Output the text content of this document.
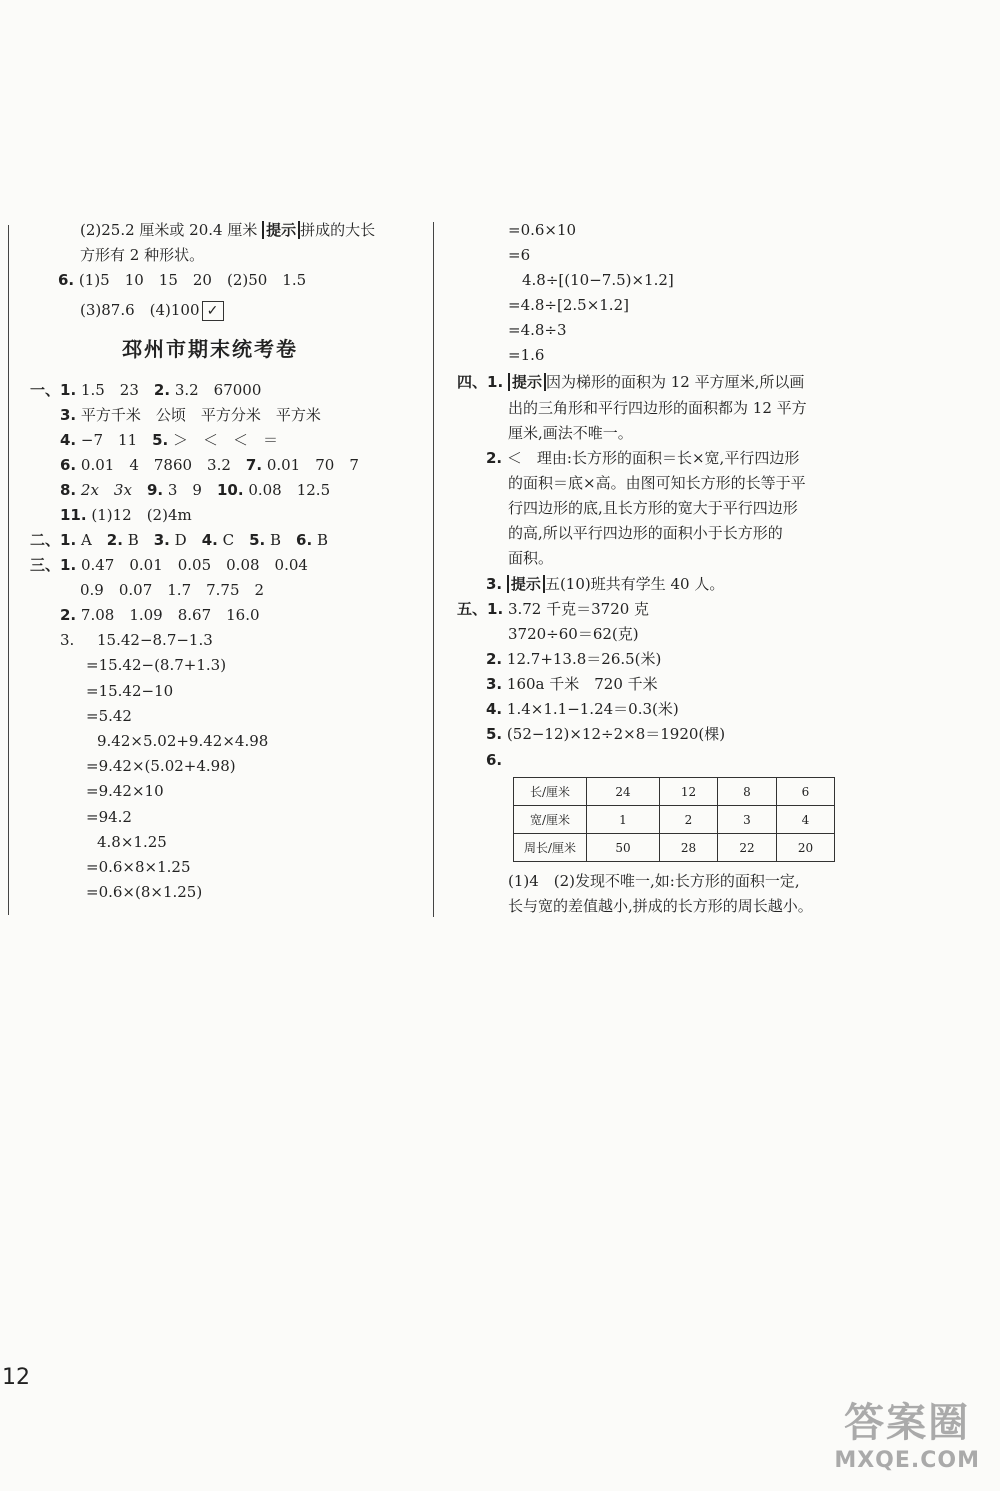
(2)25.2 厘米或 20.4 厘米 提示 拼成的大长
方形有 2 种形状。
6. (1)5　10　15　20　(2)50　1.5
(3)87.6　(4)100 ✓
邳州市期末统考卷
一、1. 1.5　23　2. 3.2　67000
3. 平方千米　公顷　平方分米　平方米
4. −7　11　5. ＞　＜　＜　＝
6. 0.01　4　7860　3.2　7. 0.01　70　7
8. 2x　3x　9. 3　9　10. 0.08　12.5
11. (1)12　(2)4m
二、1. A　2. B　3. D　4. C　5. B　6. B
三、1. 0.47　0.01　0.05　0.08　0.04
0.9　0.07　1.7　7.75　2
2. 7.08　1.09　8.67　16.0
3. 15.42−8.7−1.3
=15.42−(8.7+1.3)
=15.42−10
=5.42
9.42×5.02+9.42×4.98
=9.42×(5.02+4.98)
=9.42×10
=94.2
4.8×1.25
=0.6×8×1.25
=0.6×(8×1.25)
=0.6×10
=6
4.8÷[(10−7.5)×1.2]
=4.8÷[2.5×1.2]
=4.8÷3
=1.6
四、1. 提示 因为梯形的面积为 12 平方厘米,所以画
出的三角形和平行四边形的面积都为 12 平方
厘米,画法不唯一。
2. ＜　理由:长方形的面积＝长×宽,平行四边形
的面积＝底×高。由图可知长方形的长等于平
行四边形的底,且长方形的宽大于平行四边形
的高,所以平行四边形的面积小于长方形的
面积。
3. 提示 五(10)班共有学生 40 人。
五、1. 3.72 千克＝3720 克
3720÷60＝62(克)
2. 12.7+13.8＝26.5(米)
3. 160a 千米　720 千米
4. 1.4×1.1−1.24＝0.3(米)
5. (52−12)×12÷2×8＝1920(棵)
6.
长/厘米	24	12	8	6
宽/厘米	1	2	3	4
周长/厘米	50	28	22	20
(1)4　(2)发现不唯一,如:长方形的面积一定,
长与宽的差值越小,拼成的长方形的周长越小。
12
答案圈
MXQE.COM
